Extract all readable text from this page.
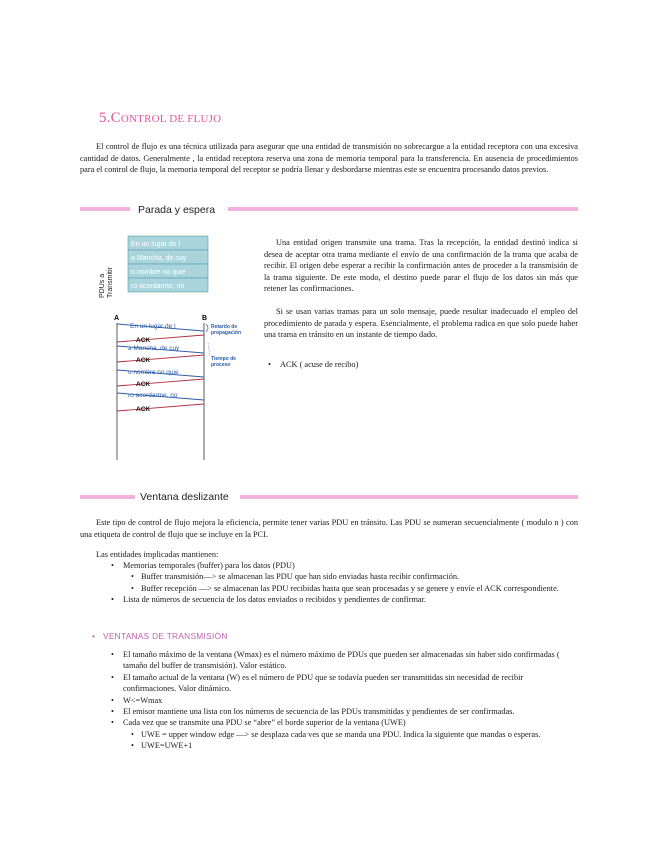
5.CONTROL DE FLUJO
El control de flujo es una técnica utilizada para asegurar que una entidad de transmisión no sobrecargue a la entidad receptora con una excesiva cantidad de datos. Generalmente , la entidad receptora reserva una zona de memoria temporal para la transferencia. En ausencia de procedimientos para el control de flujo, la memoria temporal del receptor se podría llenar y desbordarse mientras este se encuentra procesando datos previos.
Parada y espera
PDUs a Transmitir
En un lugar de l
a Mancha, de cuy
o nombre no quie
ro acordarme, no
A	B
En un lugar de l
ACK
a Mancha, de cuy
ACK
o nombre no quie
ACK
ro acordarme, no
ACK
Retardo de
propagación
Tiempo de
proceso
Una entidad origen transmite una trama. Tras la recepción, la entidad destinó indica si desea de aceptar otra trama mediante el envío de una confirmación de la trama que acaba de recibir. El origen debe esperar a recibir la confirmación antes de proceder a la transmisión de la trama siguiente. De este modo, el destino puede parar el flujo de los datos sin más que retener las confirmaciones.
Si se usan varias tramas para un solo mensaje, puede resultar inadecuado el empleo del procedimiento de parada y espera. Esencialmente, el problema radica en que solo puede haber una trama en tránsito en un instante de tiempo dado.
• ACK ( acuse de recibo)
Ventana deslizante
Este tipo de control de flujo mejora la eficiencia, permite tener varias PDU en tránsito. Las PDU se numeran secuencialmente ( modulo n ) con una etiqueta de control de flujo que se incluye en la PCI.
Las entidades implicadas mantienen:
• Memorias temporales (buffer) para los datos (PDU)
• Buffer transmisión—> se almacenan las PDU que han sido enviadas hasta recibir confirmación.
• Buffer recepción —> se almacenan las PDU recibidas hasta que sean procesadas y se genere y envíe el ACK correspondiente.
• Lista de números de secuencia de los datos enviados o recibidos y pendientes de confirmar.
• VENTANAS DE TRANSMISIÓN
• El tamaño máximo de la ventana (Wmax) es el número máximo de PDUs que pueden ser almacenadas sin haber sido confirmadas ( tamaño del buffer de transmisión). Valor estático.
• El tamaño actual de la ventana (W) es el número de PDU que se todavía pueden ser transmitidas sin necesidad de recibir confirmaciones. Valor dinámico.
• W<=Wmax
• El emisor mantiene una lista con los números de secuencia de las PDUs transmitidas y pendientes de ser confirmadas.
• Cada vez que se transmite una PDU se “abre” el borde superior de la ventana (UWE)
• UWE = upper window edge —> se desplaza cada ves que se manda una PDU. Indica la siguiente que mandas o esperas.
• UWE=UWE+1
